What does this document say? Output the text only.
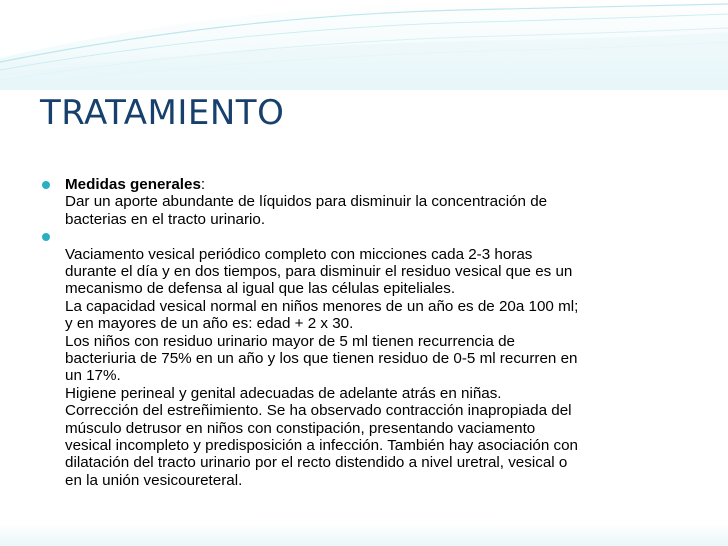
TRATAMIENTO
Medidas generales:
Dar un aporte abundante de líquidos para disminuir la concentración de
bacterias en el tracto urinario.
Vaciamento vesical periódico completo con micciones cada 2-3 horas
durante el día y en dos tiempos, para disminuir el residuo vesical que es un
mecanismo de defensa al igual que las células epiteliales.
La capacidad vesical normal en niños menores de un año es de 20a 100 ml;
y en mayores de un año es: edad + 2 x 30.
Los niños con residuo urinario mayor de 5 ml tienen recurrencia de
bacteriuria de 75% en un año y los que tienen residuo de 0-5 ml recurren en
un 17%.
Higiene perineal y genital adecuadas de adelante atrás en niñas.
Corrección del estreñimiento. Se ha observado contracción inapropiada del
músculo detrusor en niños con constipación, presentando vaciamento
vesical incompleto y predisposición a infección. También hay asociación con
dilatación del tracto urinario por el recto distendido a nivel uretral, vesical o
en la unión vesicoureteral.
